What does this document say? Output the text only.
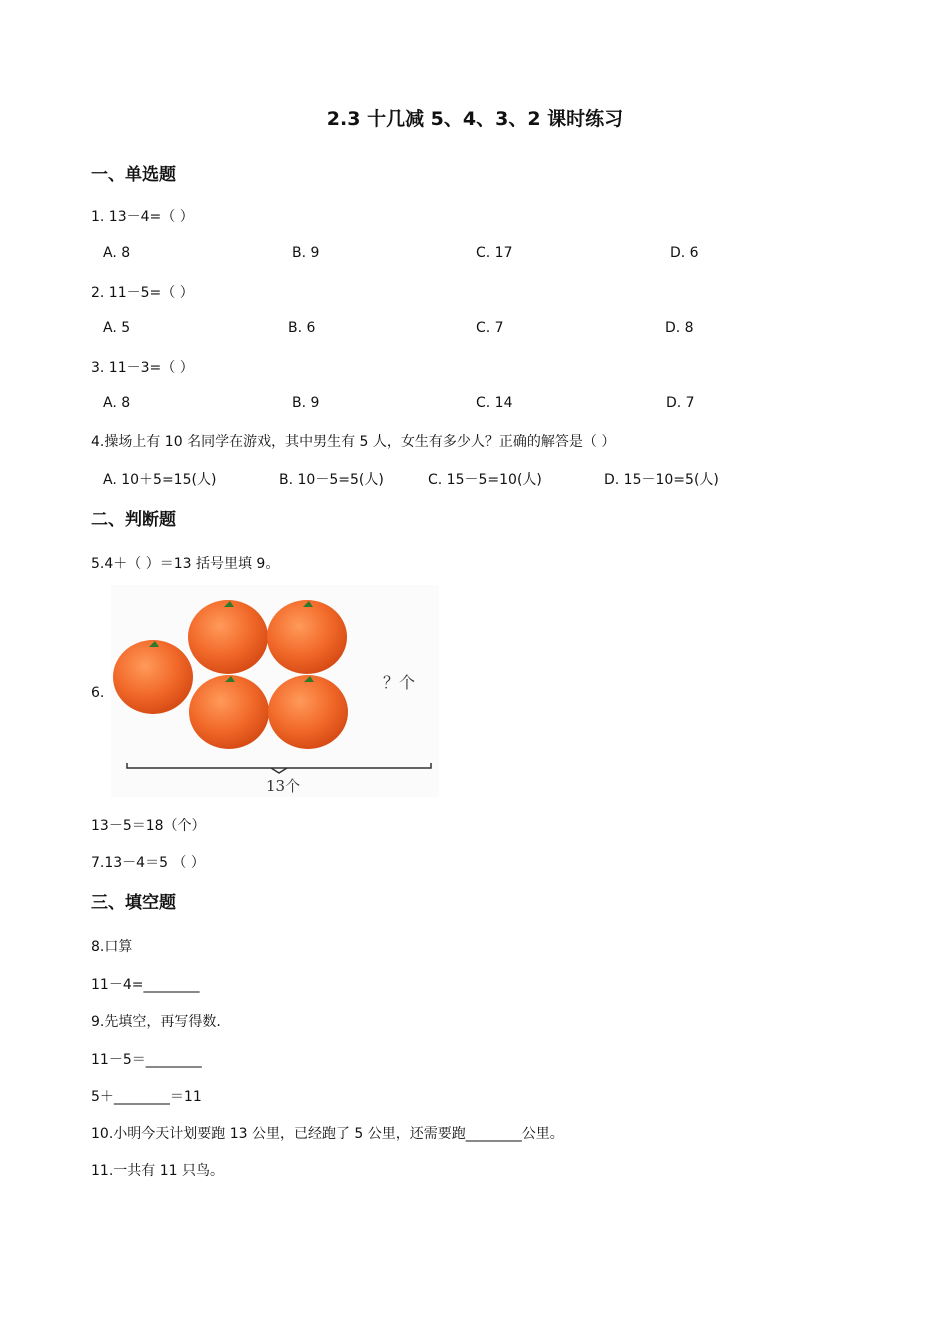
2.3 十几减 5、4、3、2 课时练习
一、单选题
1. 13－4=（ ）
A. 8	B. 9	C. 17	D. 6
2. 11－5=（ ）
A. 5	B. 6	C. 7	D. 8
3. 11－3=（ ）
A. 8	B. 9	C. 14	D. 7
4.操场上有 10 名同学在游戏，其中男生有 5 人，女生有多少人？正确的解答是（ ）
A. 10＋5=15(人)	B. 10－5=5(人)	C. 15－5=10(人)	D. 15－10=5(人)
二、判断题
5.4＋（ ）＝13 括号里填 9。
6.
？个
13个
13－5＝18（个）
7.13－4＝5 （ ）
三、填空题
8.口算
11－4=________
9.先填空，再写得数.
11－5＝________
5＋________＝11
10.小明今天计划要跑 13 公里，已经跑了 5 公里，还需要跑________公里。
11.一共有 11 只鸟。
